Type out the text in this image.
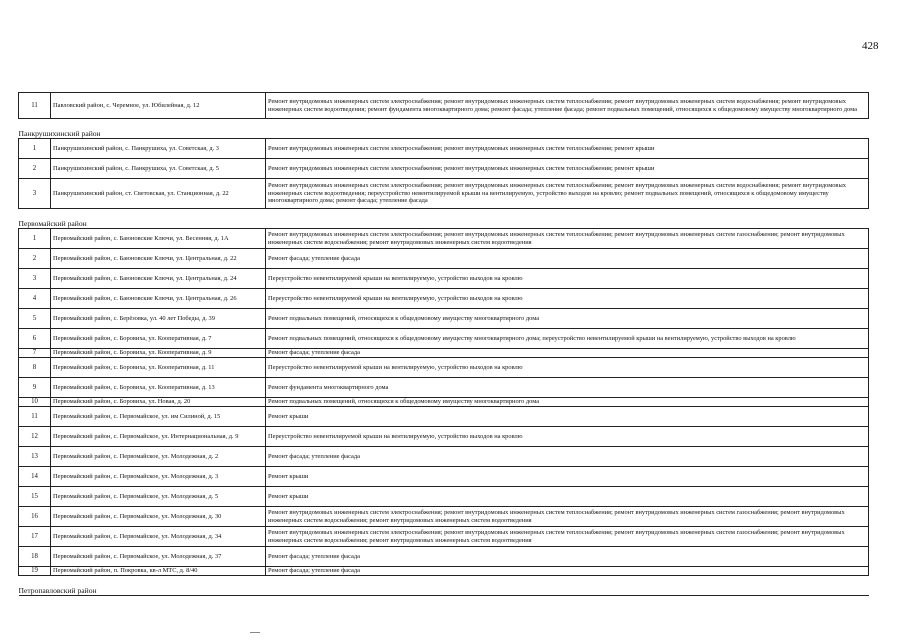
428
11	Павловский район, с. Черемное, ул. Юбилейная, д. 12	Ремонт внутридомовых инженерных систем электроснабжения; ремонт внутридомовых инженерных систем теплоснабжения; ремонт внутридомовых инженерных систем водоснабжения; ремонт внутридомовых инженерных систем водоотведения; ремонт фундамента многоквартирного дома; ремонт фасада; утепление фасада; ремонт подвальных помещений, относящихся к общедомовому имуществу многоквартирного дома
Панкрушихинский район		
1	Панкрушихинский район, с. Панкрушиха, ул. Советская, д. 3	Ремонт внутридомовых инженерных систем электроснабжения; ремонт внутридомовых инженерных систем теплоснабжения; ремонт крыши
2	Панкрушихинский район, с. Панкрушиха, ул. Советская, д. 5	Ремонт внутридомовых инженерных систем электроснабжения; ремонт внутридомовых инженерных систем теплоснабжения; ремонт крыши
3	Панкрушихинский район, ст. Световская, ул. Станционная, д. 22	Ремонт внутридомовых инженерных систем электроснабжения; ремонт внутридомовых инженерных систем теплоснабжения; ремонт внутридомовых инженерных систем водоснабжения; ремонт внутридомовых инженерных систем водоотведения; переустройство невентилируемой крыши на вентилируемую, устройство выходов на кровлю; ремонт подвальных помещений, относящихся к общедомовому имуществу многоквартирного дома; ремонт фасада; утепление фасада
Первомайский район		
1	Первомайский район, с. Баюновские Ключи, ул. Весенняя, д. 1А	Ремонт внутридомовых инженерных систем электроснабжения; ремонт внутридомовых инженерных систем теплоснабжения; ремонт внутридомовых инженерных систем газоснабжения; ремонт внутридомовых инженерных систем водоснабжения; ремонт внутридомовых инженерных систем водоотведения
2	Первомайский район, с. Баюновские Ключи, ул. Центральная, д. 22	Ремонт фасада; утепление фасада
3	Первомайский район, с. Баюновские Ключи, ул. Центральная, д. 24	Переустройство невентилируемой крыши на вентилируемую, устройство выходов на кровлю
4	Первомайский район, с. Баюновские Ключи, ул. Центральная, д. 26	Переустройство невентилируемой крыши на вентилируемую, устройство выходов на кровлю
5	Первомайский район, с. Берёзовка, ул. 40 лет Победы, д. 39	Ремонт подвальных помещений, относящихся к общедомовому имуществу многоквартирного дома
6	Первомайский район, с. Боровиха, ул. Кооперативная, д. 7	Ремонт подвальных помещений, относящихся к общедомовому имуществу многоквартирного дома; переустройство невентилируемой крыши на вентилируемую, устройство выходов на кровлю
7	Первомайский район, с. Боровиха, ул. Кооперативная, д. 9	Ремонт фасада; утепление фасада
8	Первомайский район, с. Боровиха, ул. Кооперативная, д. 11	Переустройство невентилируемой крыши на вентилируемую, устройство выходов на кровлю
9	Первомайский район, с. Боровиха, ул. Кооперативная, д. 13	Ремонт фундамента многоквартирного дома
10	Первомайский район, с. Боровиха, ул. Новая, д. 20	Ремонт подвальных помещений, относящихся к общедомовому имуществу многоквартирного дома
11	Первомайский район, с. Первомайское, ул. им Силиной, д. 15	Ремонт крыши
12	Первомайский район, с. Первомайское, ул. Интернациональная, д. 9	Переустройство невентилируемой крыши на вентилируемую, устройство выходов на кровлю
13	Первомайский район, с. Первомайское, ул. Молодежная, д. 2	Ремонт фасада; утепление фасада
14	Первомайский район, с. Первомайское, ул. Молодежная, д. 3	Ремонт крыши
15	Первомайский район, с. Первомайское, ул. Молодежная, д. 5	Ремонт крыши
16	Первомайский район, с. Первомайское, ул. Молодежная, д. 30	Ремонт внутридомовых инженерных систем электроснабжения; ремонт внутридомовых инженерных систем теплоснабжения; ремонт внутридомовых инженерных систем газоснабжения; ремонт внутридомовых инженерных систем водоснабжения; ремонт внутридомовых инженерных систем водоотведения
17	Первомайский район, с. Первомайское, ул. Молодежная, д. 34	Ремонт внутридомовых инженерных систем электроснабжения; ремонт внутридомовых инженерных систем теплоснабжения; ремонт внутридомовых инженерных систем газоснабжения; ремонт внутридомовых инженерных систем водоснабжения; ремонт внутридомовых инженерных систем водоотведения
18	Первомайский район, с. Первомайское, ул. Молодежная, д. 37	Ремонт фасада; утепление фасада
19	Первомайский район, п. Покровка, кв-л МТС, д. 8/40	Ремонт фасада; утепление фасада
Петропавловский район		
